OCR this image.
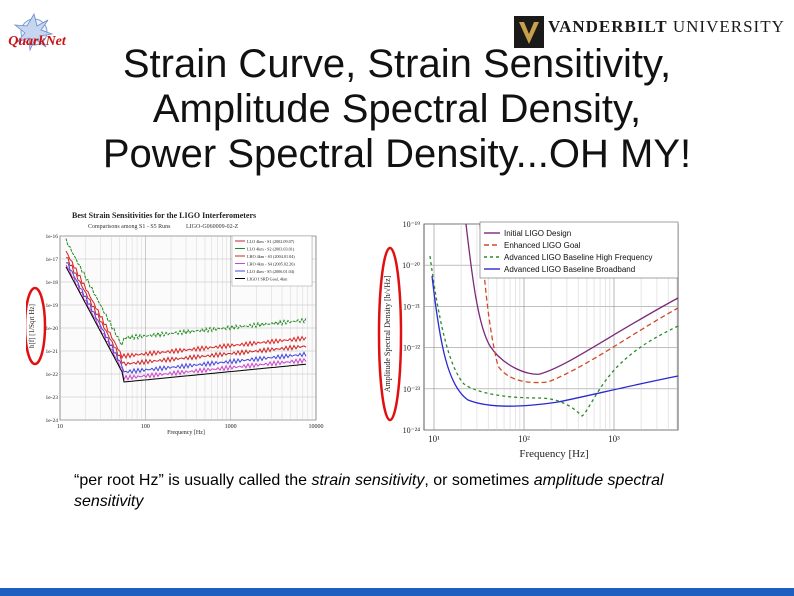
QuarkNet
VANDERBILT UNIVERSITY
Strain Curve, Strain Sensitivity,
Amplitude Spectral Density,
Power Spectral Density...OH MY!
Best Strain Sensitivities for the LIGO Interferometers
Comparisons among S1 - S5 Runs	LIGO-G060009-02-Z
1e-16
1e-17
1e-18
1e-19
1e-20
1e-21
1e-22
1e-23
1e-24
10	100	1000	10000
LLO 4km - S1 (2002.09.07)
LLO 4km - S2 (2003.03.01)
LHO 4km - S3 (2004.01.04)
LHO 4km - S4 (2005.02.26)
LLO 4km - S5 (2006.01.04)
LIGO I SRD Goal, 4km
h[f] [1/Sqrt Hz]
Frequency [Hz]
10⁻¹⁹
10⁻²⁰
10⁻²¹
10⁻²²
10⁻²³
10⁻²⁴
10¹	10²	10³
Initial LIGO Design
Enhanced LIGO Goal
Advanced LIGO Baseline High Frequency
Advanced LIGO Baseline Broadband
Amplitude Spectral Density [h/√Hz]
Frequency [Hz]
“per root Hz” is usually called the strain sensitivity, or sometimes amplitude spectral sensitivity
